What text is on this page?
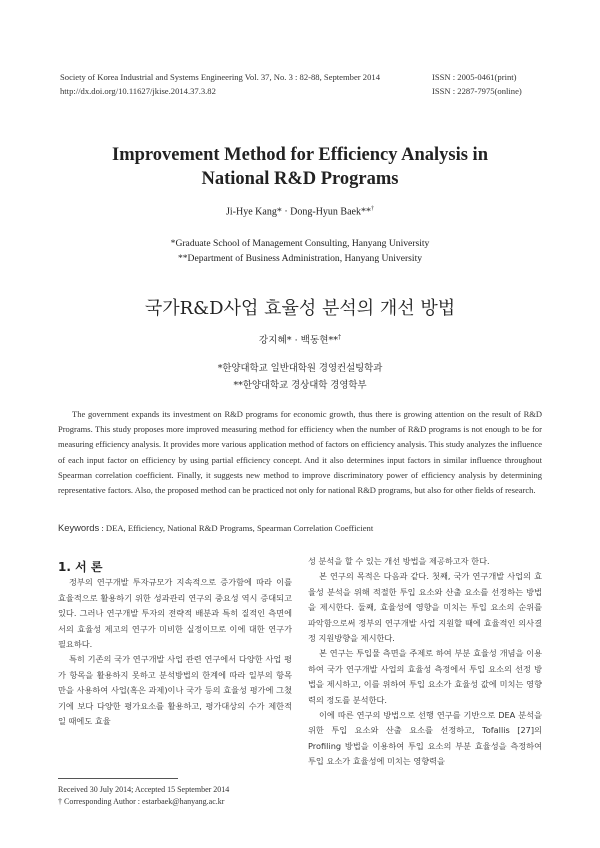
Society of Korea Industrial and Systems Engineering Vol. 37, No. 3 : 82-88, September 2014	ISSN : 2005-0461(print)
http://dx.doi.org/10.11627/jkise.2014.37.3.82	ISSN : 2287-7975(online)
Improvement Method for Efficiency Analysis in
National R&D Programs
Ji-Hye Kang* · Dong-Hyun Baek**†
*Graduate School of Management Consulting, Hanyang University
**Department of Business Administration, Hanyang University
국가R&D사업 효율성 분석의 개선 방법
강지혜* · 백동현**†
*한양대학교 일반대학원 경영컨설팅학과
**한양대학교 경상대학 경영학부
The government expands its investment on R&D programs for economic growth, thus there is growing attention on the result of R&D Programs. This study proposes more improved measuring method for efficiency when the number of R&D programs is not enough to be for measuring efficiency analysis. It provides more various application method of factors on efficiency analysis. This study analyzes the influence of each input factor on efficiency by using partial efficiency concept. And it also determines input factors in similar influence throughout Spearman correlation coefficient. Finally, it suggests new method to improve discriminatory power of efficiency analysis by determining representative factors. Also, the proposed method can be practiced not only for national R&D programs, but also for other fields of research.
Keywords : DEA, Efficiency, National R&D Programs, Spearman Correlation Coefficient

1. 서 론

정부의 연구개발 투자규모가 지속적으로 증가함에 따라 이를 효율적으로 활용하기 위한 성과관리 연구의 중요성 역시 증대되고 있다. 그러나 연구개발 투자의 전략적 배분과 특히 질적인 측면에서의 효율성 제고의 연구가 미비한 실정이므로 이에 대한 연구가 필요하다.

특히 기존의 국가 연구개발 사업 관련 연구에서 다양한 사업 평가 항목을 활용하지 못하고 분석방법의 한계에 따라 일부의 항목만을 사용하여 사업(혹은 과제)이나 국가 등의 효율성 평가에 그쳤기에 보다 다양한 평가요소를 활용하고, 평가대상의 수가 제한적일 때에도 효율

성 분석을 할 수 있는 개선 방법을 제공하고자 한다.

본 연구의 목적은 다음과 같다. 첫째, 국가 연구개발 사업의 효율성 분석을 위해 적절한 투입 요소와 산출 요소를 선정하는 방법을 제시한다. 둘째, 효율성에 영향을 미치는 투입 요소의 순위를 파악함으로써 정부의 연구개발 사업 지원할 때에 효율적인 의사결정 지원방향을 제시한다.

본 연구는 투입물 측면을 주제로 하여 부분 효율성 개념을 이용하여 국가 연구개발 사업의 효율성 측정에서 투입 요소의 선정 방법을 제시하고, 이를 위하여 투입 요소가 효율성 값에 미치는 영향력의 정도를 분석한다.

이에 따른 연구의 방법으로 선행 연구를 기반으로 DEA 분석을 위한 투입 요소와 산출 요소를 선정하고, Tofallis [27]의 Profiling 방법을 이용하여 투입 요소의 부분 효율성을 측정하여 투입 요소가 효율성에 미치는 영향력을

Received 30 July 2014; Accepted 15 September 2014
† Corresponding Author : estarbaek@hanyang.ac.kr
